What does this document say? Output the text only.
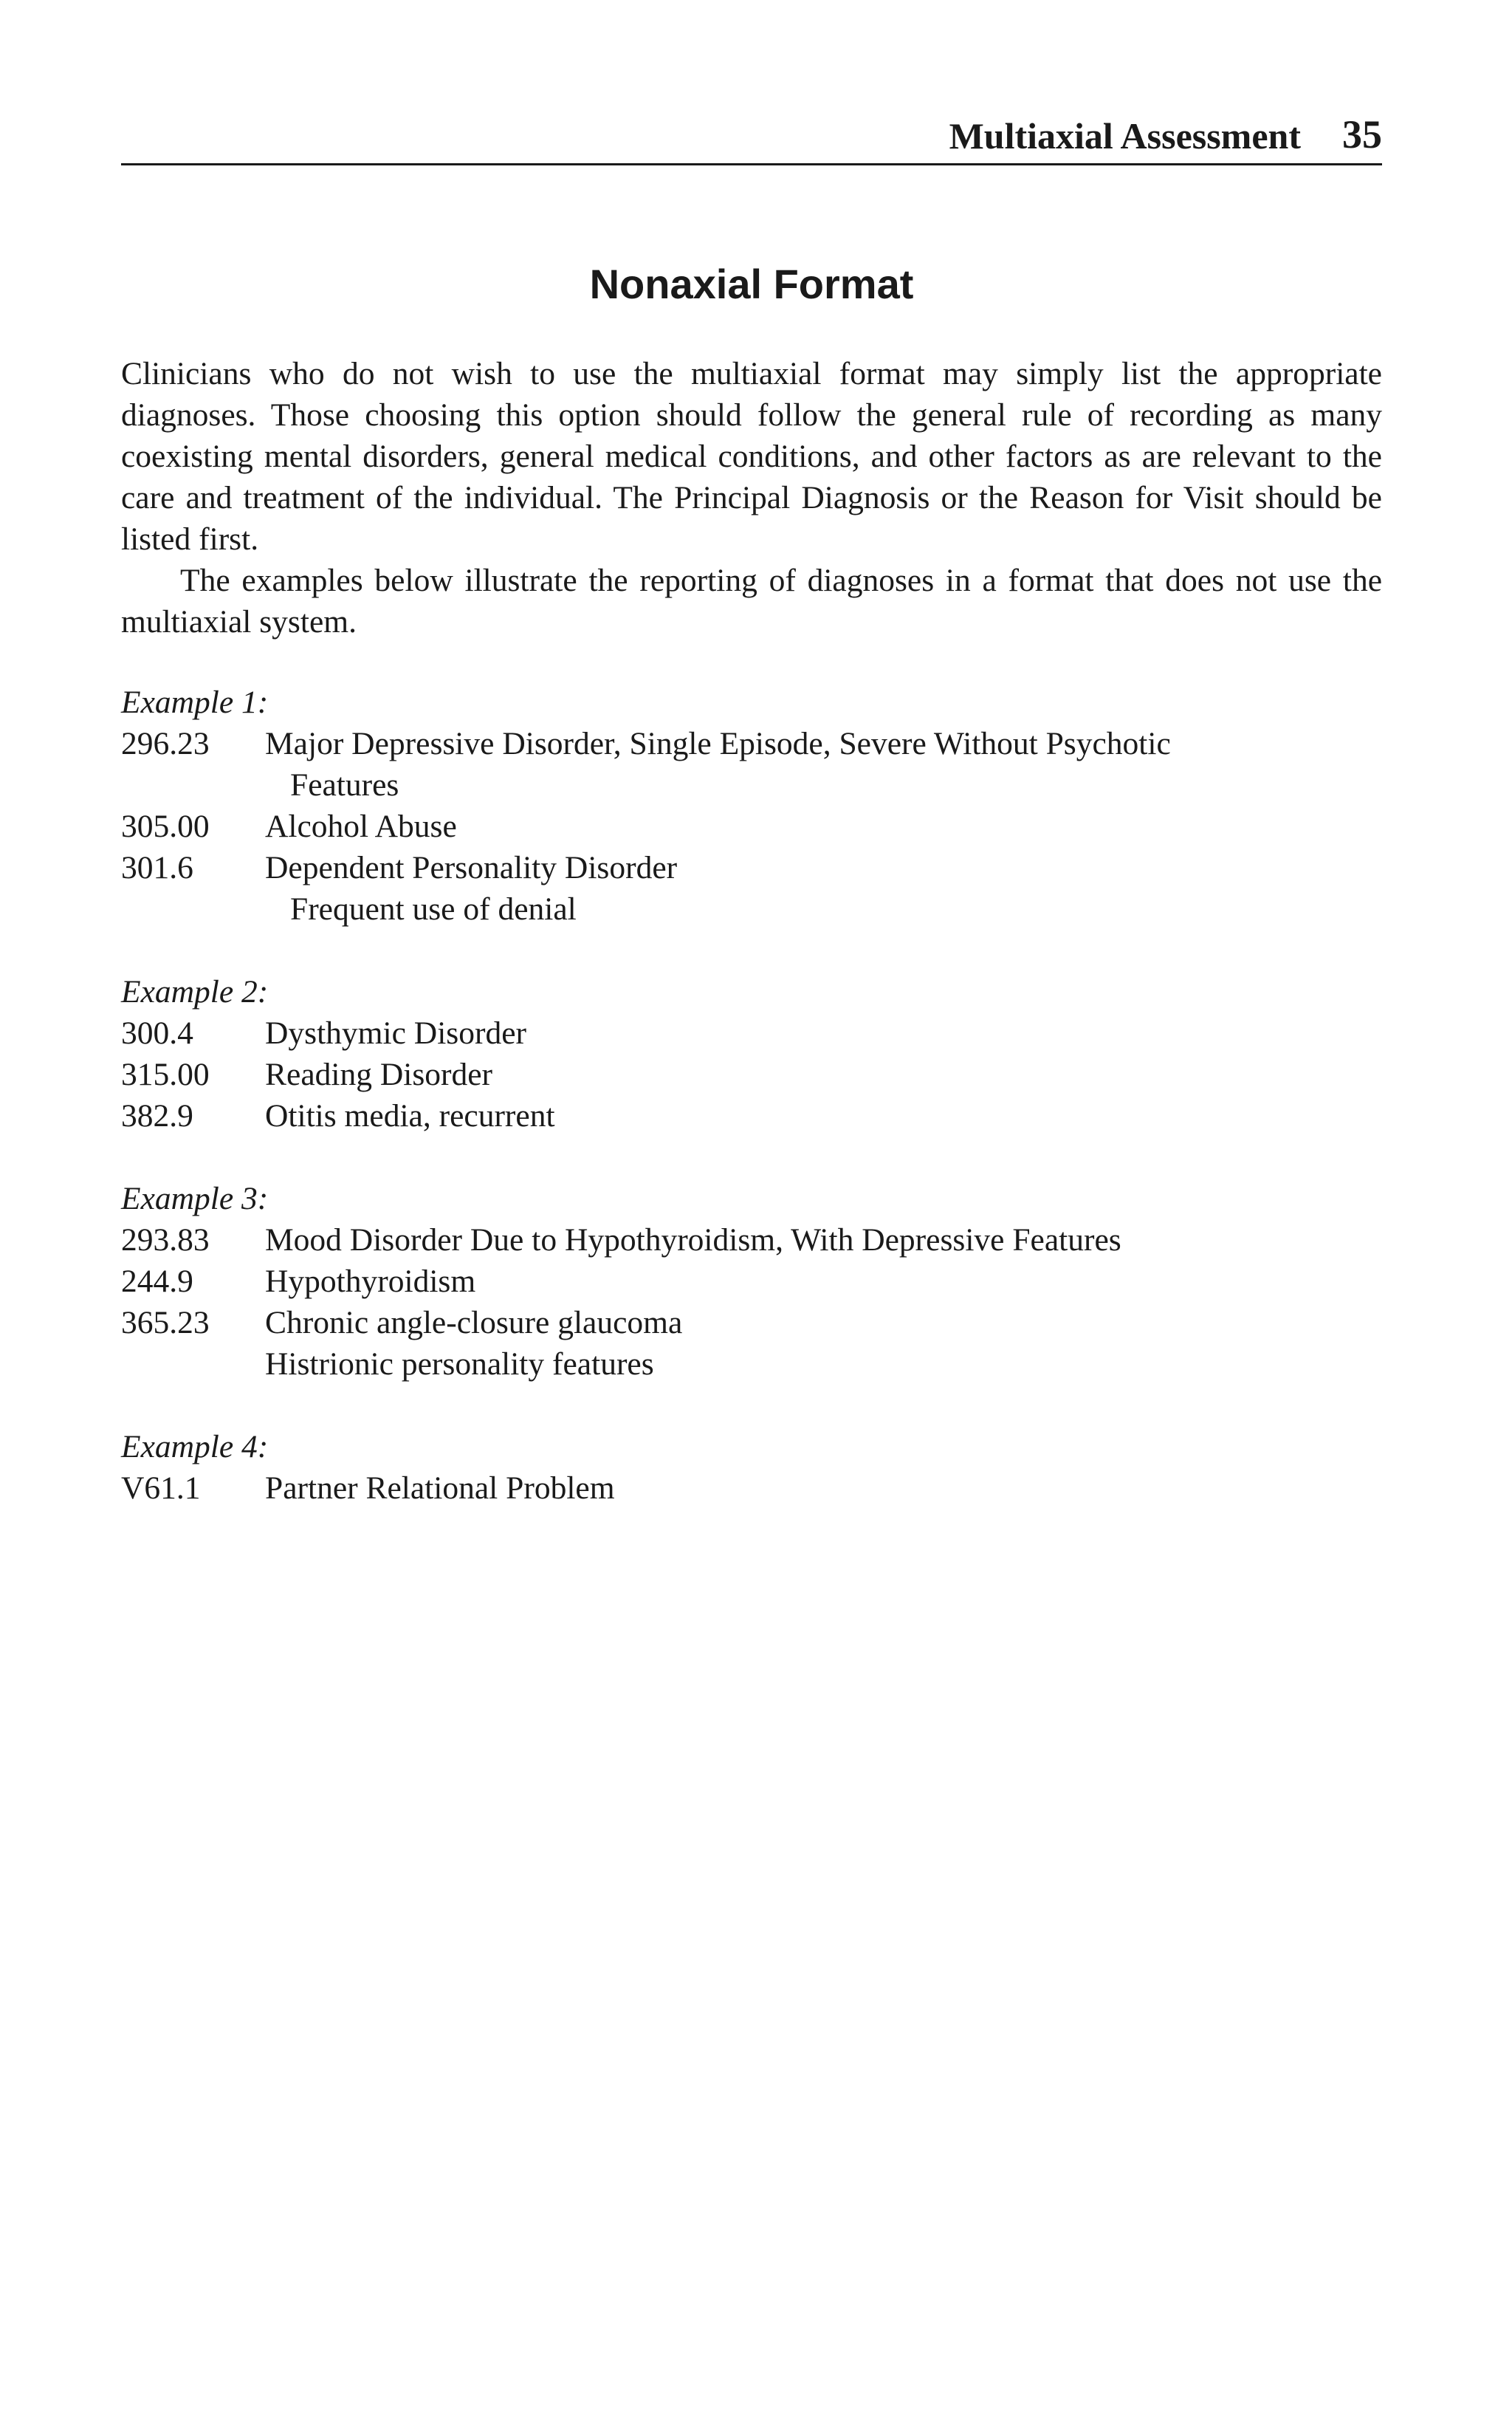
Multiaxial Assessment 35
Nonaxial Format

Clinicians who do not wish to use the multiaxial format may simply list the appropriate diagnoses. Those choosing this option should follow the general rule of recording as many coexisting mental disorders, general medical conditions, and other factors as are relevant to the care and treatment of the individual. The Principal Diagnosis or the Reason for Visit should be listed first.

The examples below illustrate the reporting of diagnoses in a format that does not use the multiaxial system.

Example 1:
296.23	Major Depressive Disorder, Single Episode, Severe Without Psychotic
Features
305.00	Alcohol Abuse
301.6	Dependent Personality Disorder
Frequent use of denial
Example 2:
300.4	Dysthymic Disorder
315.00	Reading Disorder
382.9	Otitis media, recurrent
Example 3:
293.83	Mood Disorder Due to Hypothyroidism, With Depressive Features
244.9	Hypothyroidism
365.23	Chronic angle-closure glaucoma
Histrionic personality features
Example 4:
V61.1	Partner Relational Problem
